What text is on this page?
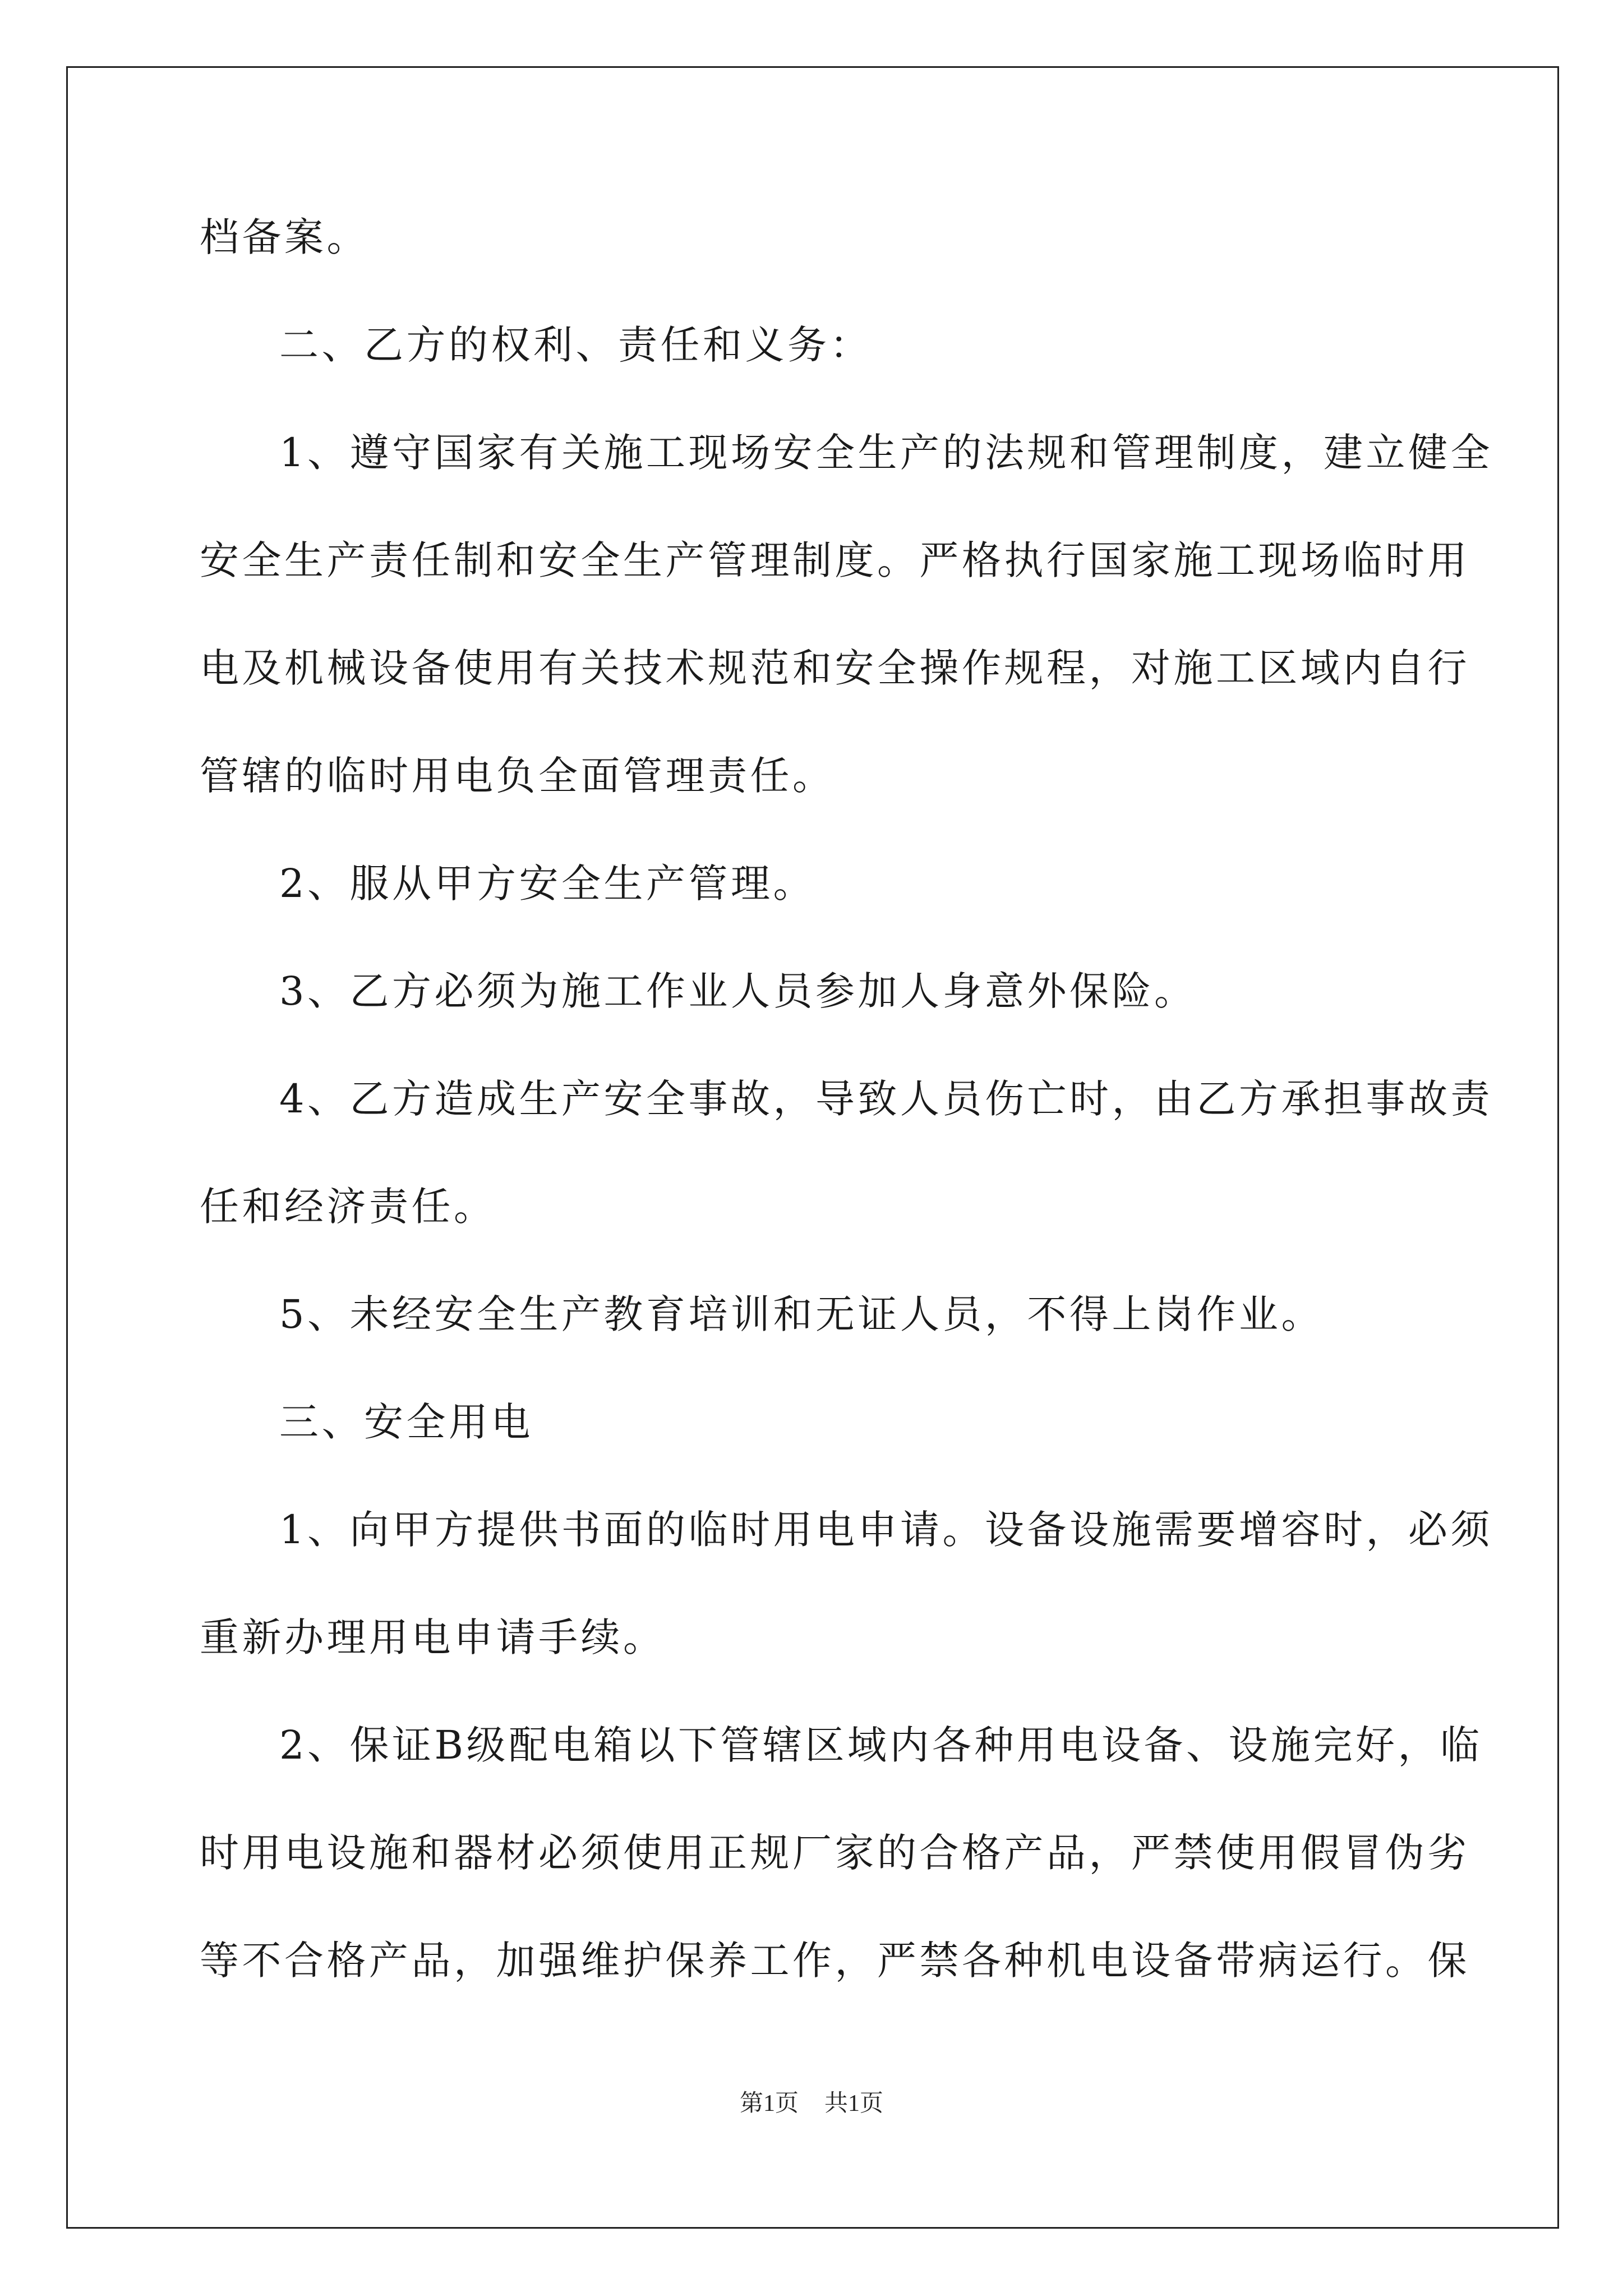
档备案。
二、乙方的权利、责任和义务：
1、遵守国家有关施工现场安全生产的法规和管理制度，建立健全
安全生产责任制和安全生产管理制度。严格执行国家施工现场临时用
电及机械设备使用有关技术规范和安全操作规程，对施工区域内自行
管辖的临时用电负全面管理责任。
2、服从甲方安全生产管理。
3、乙方必须为施工作业人员参加人身意外保险。
4、乙方造成生产安全事故，导致人员伤亡时，由乙方承担事故责
任和经济责任。
5、未经安全生产教育培训和无证人员，不得上岗作业。
三、安全用电
1、向甲方提供书面的临时用电申请。设备设施需要增容时，必须
重新办理用电申请手续。
2、保证B级配电箱以下管辖区域内各种用电设备、设施完好，临
时用电设施和器材必须使用正规厂家的合格产品，严禁使用假冒伪劣
等不合格产品，加强维护保养工作，严禁各种机电设备带病运行。保
第1页 共1页
